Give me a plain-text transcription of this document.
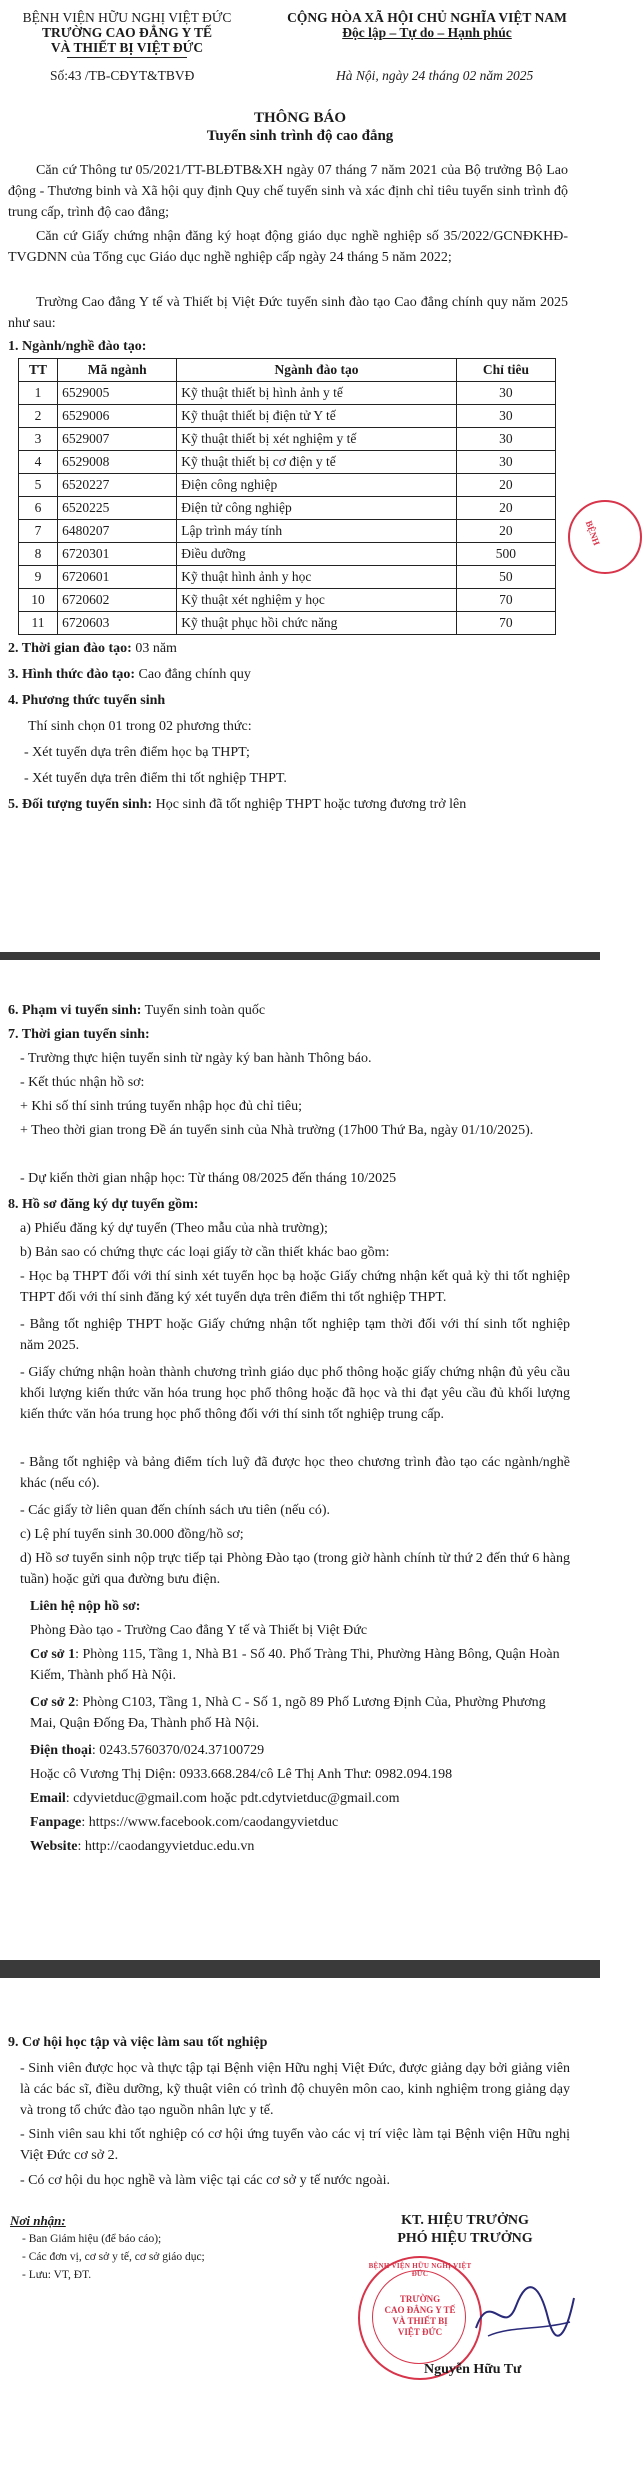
BỆNH VIỆN HỮU NGHỊ VIỆT ĐỨC
TRƯỜNG CAO ĐẲNG Y TẾ
VÀ THIẾT BỊ VIỆT ĐỨC
CỘNG HÒA XÃ HỘI CHỦ NGHĨA VIỆT NAM
Độc lập – Tự do – Hạnh phúc
Số:43 /TB-CĐYT&TBVĐ	Hà Nội, ngày 24 tháng 02 năm 2025
THÔNG BÁO
Tuyển sinh trình độ cao đẳng
Căn cứ Thông tư 05/2021/TT-BLĐTB&XH ngày 07 tháng 7 năm 2021 của Bộ trưởng Bộ Lao động - Thương binh và Xã hội quy định Quy chế tuyển sinh và xác định chỉ tiêu tuyển sinh trình độ trung cấp, trình độ cao đẳng;
Căn cứ Giấy chứng nhận đăng ký hoạt động giáo dục nghề nghiệp số 35/2022/GCNĐKHĐ-TVGDNN của Tổng cục Giáo dục nghề nghiệp cấp ngày 24 tháng 5 năm 2022;
Trường Cao đẳng Y tế và Thiết bị Việt Đức tuyển sinh đào tạo Cao đẳng chính quy năm 2025 như sau:
1. Ngành/nghề đào tạo:
TT	Mã ngành	Ngành đào tạo	Chỉ tiêu
1	6529005	Kỹ thuật thiết bị hình ảnh y tế	30
2	6529006	Kỹ thuật thiết bị điện tử Y tế	30
3	6529007	Kỹ thuật thiết bị xét nghiệm y tế	30
4	6529008	Kỹ thuật thiết bị cơ điện y tế	30
5	6520227	Điện công nghiệp	20
6	6520225	Điện tử công nghiệp	20
7	6480207	Lập trình máy tính	20
8	6720301	Điều dưỡng	500
9	6720601	Kỹ thuật hình ảnh y học	50
10	6720602	Kỹ thuật xét nghiệm y học	70
11	6720603	Kỹ thuật phục hồi chức năng	70
2. Thời gian đào tạo: 03 năm
3. Hình thức đào tạo: Cao đẳng chính quy
4. Phương thức tuyển sinh
Thí sinh chọn 01 trong 02 phương thức:
- Xét tuyển dựa trên điểm học bạ THPT;
- Xét tuyển dựa trên điểm thi tốt nghiệp THPT.
5. Đối tượng tuyển sinh: Học sinh đã tốt nghiệp THPT hoặc tương đương trở lên
BỆNH
6. Phạm vi tuyển sinh: Tuyển sinh toàn quốc
7. Thời gian tuyển sinh:
- Trường thực hiện tuyển sinh từ ngày ký ban hành Thông báo.
- Kết thúc nhận hồ sơ:
+ Khi số thí sinh trúng tuyển nhập học đủ chỉ tiêu;
+ Theo thời gian trong Đề án tuyển sinh của Nhà trường (17h00 Thứ Ba, ngày 01/10/2025).
- Dự kiến thời gian nhập học: Từ tháng 08/2025 đến tháng 10/2025
8. Hồ sơ đăng ký dự tuyển gồm:
a) Phiếu đăng ký dự tuyển (Theo mẫu của nhà trường);
b) Bản sao có chứng thực các loại giấy tờ cần thiết khác bao gồm:
- Học bạ THPT đối với thí sinh xét tuyển học bạ hoặc Giấy chứng nhận kết quả kỳ thi tốt nghiệp THPT đối với thí sinh đăng ký xét tuyển dựa trên điểm thi tốt nghiệp THPT.
- Bằng tốt nghiệp THPT hoặc Giấy chứng nhận tốt nghiệp tạm thời đối với thí sinh tốt nghiệp năm 2025.
- Giấy chứng nhận hoàn thành chương trình giáo dục phổ thông hoặc giấy chứng nhận đủ yêu cầu khối lượng kiến thức văn hóa trung học phổ thông hoặc đã học và thi đạt yêu cầu đủ khối lượng kiến thức văn hóa trung học phổ thông đối với thí sinh tốt nghiệp trung cấp.
- Bằng tốt nghiệp và bảng điểm tích luỹ đã được học theo chương trình đào tạo các ngành/nghề khác (nếu có).
- Các giấy tờ liên quan đến chính sách ưu tiên (nếu có).
c) Lệ phí tuyển sinh 30.000 đồng/hồ sơ;
d) Hồ sơ tuyển sinh nộp trực tiếp tại Phòng Đào tạo (trong giờ hành chính từ thứ 2 đến thứ 6 hàng tuần) hoặc gửi qua đường bưu điện.
Liên hệ nộp hồ sơ:
Phòng Đào tạo - Trường Cao đẳng Y tế và Thiết bị Việt Đức
Cơ sở 1: Phòng 115, Tầng 1, Nhà B1 - Số 40. Phố Tràng Thi, Phường Hàng Bông, Quận Hoàn Kiếm, Thành phố Hà Nội.
Cơ sở 2: Phòng C103, Tầng 1, Nhà C - Số 1, ngõ 89 Phố Lương Định Của, Phường Phương Mai, Quận Đống Đa, Thành phố Hà Nội.
Điện thoại: 0243.5760370/024.37100729
Hoặc cô Vương Thị Diện: 0933.668.284/cô Lê Thị Anh Thư: 0982.094.198
Email: cdyvietduc@gmail.com hoặc pdt.cdytvietduc@gmail.com
Fanpage: https://www.facebook.com/caodangyvietduc
Website: http://caodangyvietduc.edu.vn
9. Cơ hội học tập và việc làm sau tốt nghiệp
- Sinh viên được học và thực tập tại Bệnh viện Hữu nghị Việt Đức, được giảng dạy bởi giảng viên là các bác sĩ, điều dưỡng, kỹ thuật viên có trình độ chuyên môn cao, kinh nghiệm trong giảng dạy và trong tổ chức đào tạo nguồn nhân lực y tế.
- Sinh viên sau khi tốt nghiệp có cơ hội ứng tuyển vào các vị trí việc làm tại Bệnh viện Hữu nghị Việt Đức cơ sở 2.
- Có cơ hội du học nghề và làm việc tại các cơ sở y tế nước ngoài.
Nơi nhận:
- Ban Giám hiệu (để báo cáo);
- Các đơn vị, cơ sở y tế, cơ sở giáo dục;
- Lưu: VT, ĐT.
KT. HIỆU TRƯỞNG
PHÓ HIỆU TRƯỞNG
BỆNH VIỆN HỮU NGHỊ VIỆT ĐỨC
TRƯỜNG
CAO ĐẲNG Y TẾ
VÀ THIẾT BỊ
VIỆT ĐỨC
Nguyễn Hữu Tư
